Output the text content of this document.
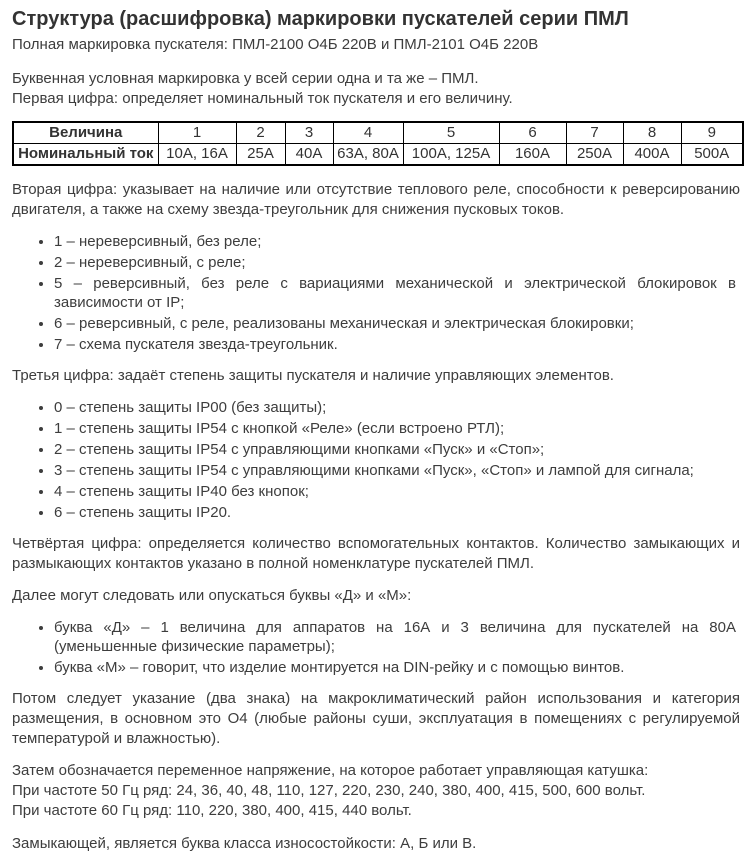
Структура (расшифровка) маркировки пускателей серии ПМЛ

Полная маркировка пускателя: ПМЛ-2100 О4Б 220В и ПМЛ-2101 О4Б 220В

Буквенная условная маркировка у всей серии одна и та же – ПМЛ.
Первая цифра: определяет номинальный ток пускателя и его величину.

Величина	1	2	3	4	5	6	7	8	9
Номинальный ток	10А, 16А	25А	40А	63А, 80А	100А, 125А	160А	250А	400А	500А

Вторая цифра: указывает на наличие или отсутствие теплового реле, способности к реверсированию двигателя, а также на схему звезда-треугольник для снижения пусковых токов.

• 1 – нереверсивный, без реле;
• 2 – нереверсивный, с реле;
• 5 – реверсивный, без реле с вариациями механической и электрической блокировок в зависимости от IP;
• 6 – реверсивный, с реле, реализованы механическая и электрическая блокировки;
• 7 – схема пускателя звезда-треугольник.

Третья цифра: задаёт степень защиты пускателя и наличие управляющих элементов.

• 0 – степень защиты IP00 (без защиты);
• 1 – степень защиты IP54 с кнопкой «Реле» (если встроено РТЛ);
• 2 – степень защиты IP54 с управляющими кнопками «Пуск» и «Стоп»;
• 3 – степень защиты IP54 с управляющими кнопками «Пуск», «Стоп» и лампой для сигнала;
• 4 – степень защиты IP40 без кнопок;
• 6 – степень защиты IP20.

Четвёртая цифра: определяется количество вспомогательных контактов. Количество замыкающих и размыкающих контактов указано в полной номенклатуре пускателей ПМЛ.

Далее могут следовать или опускаться буквы «Д» и «М»:

• буква «Д» – 1 величина для аппаратов на 16А и 3 величина для пускателей на 80А (уменьшенные физические параметры);
• буква «М» – говорит, что изделие монтируется на DIN-рейку и с помощью винтов.

Потом следует указание (два знака) на макроклиматический район использования и категория размещения, в основном это О4 (любые районы суши, эксплуатация в помещениях с регулируемой температурой и влажностью).

Затем обозначается переменное напряжение, на которое работает управляющая катушка:
При частоте 50 Гц ряд: 24, 36, 40, 48, 110, 127, 220, 230, 240, 380, 400, 415, 500, 600 вольт.
При частоте 60 Гц ряд: 110, 220, 380, 400, 415, 440 вольт.

Замыкающей, является буква класса износостойкости: А, Б или В.
